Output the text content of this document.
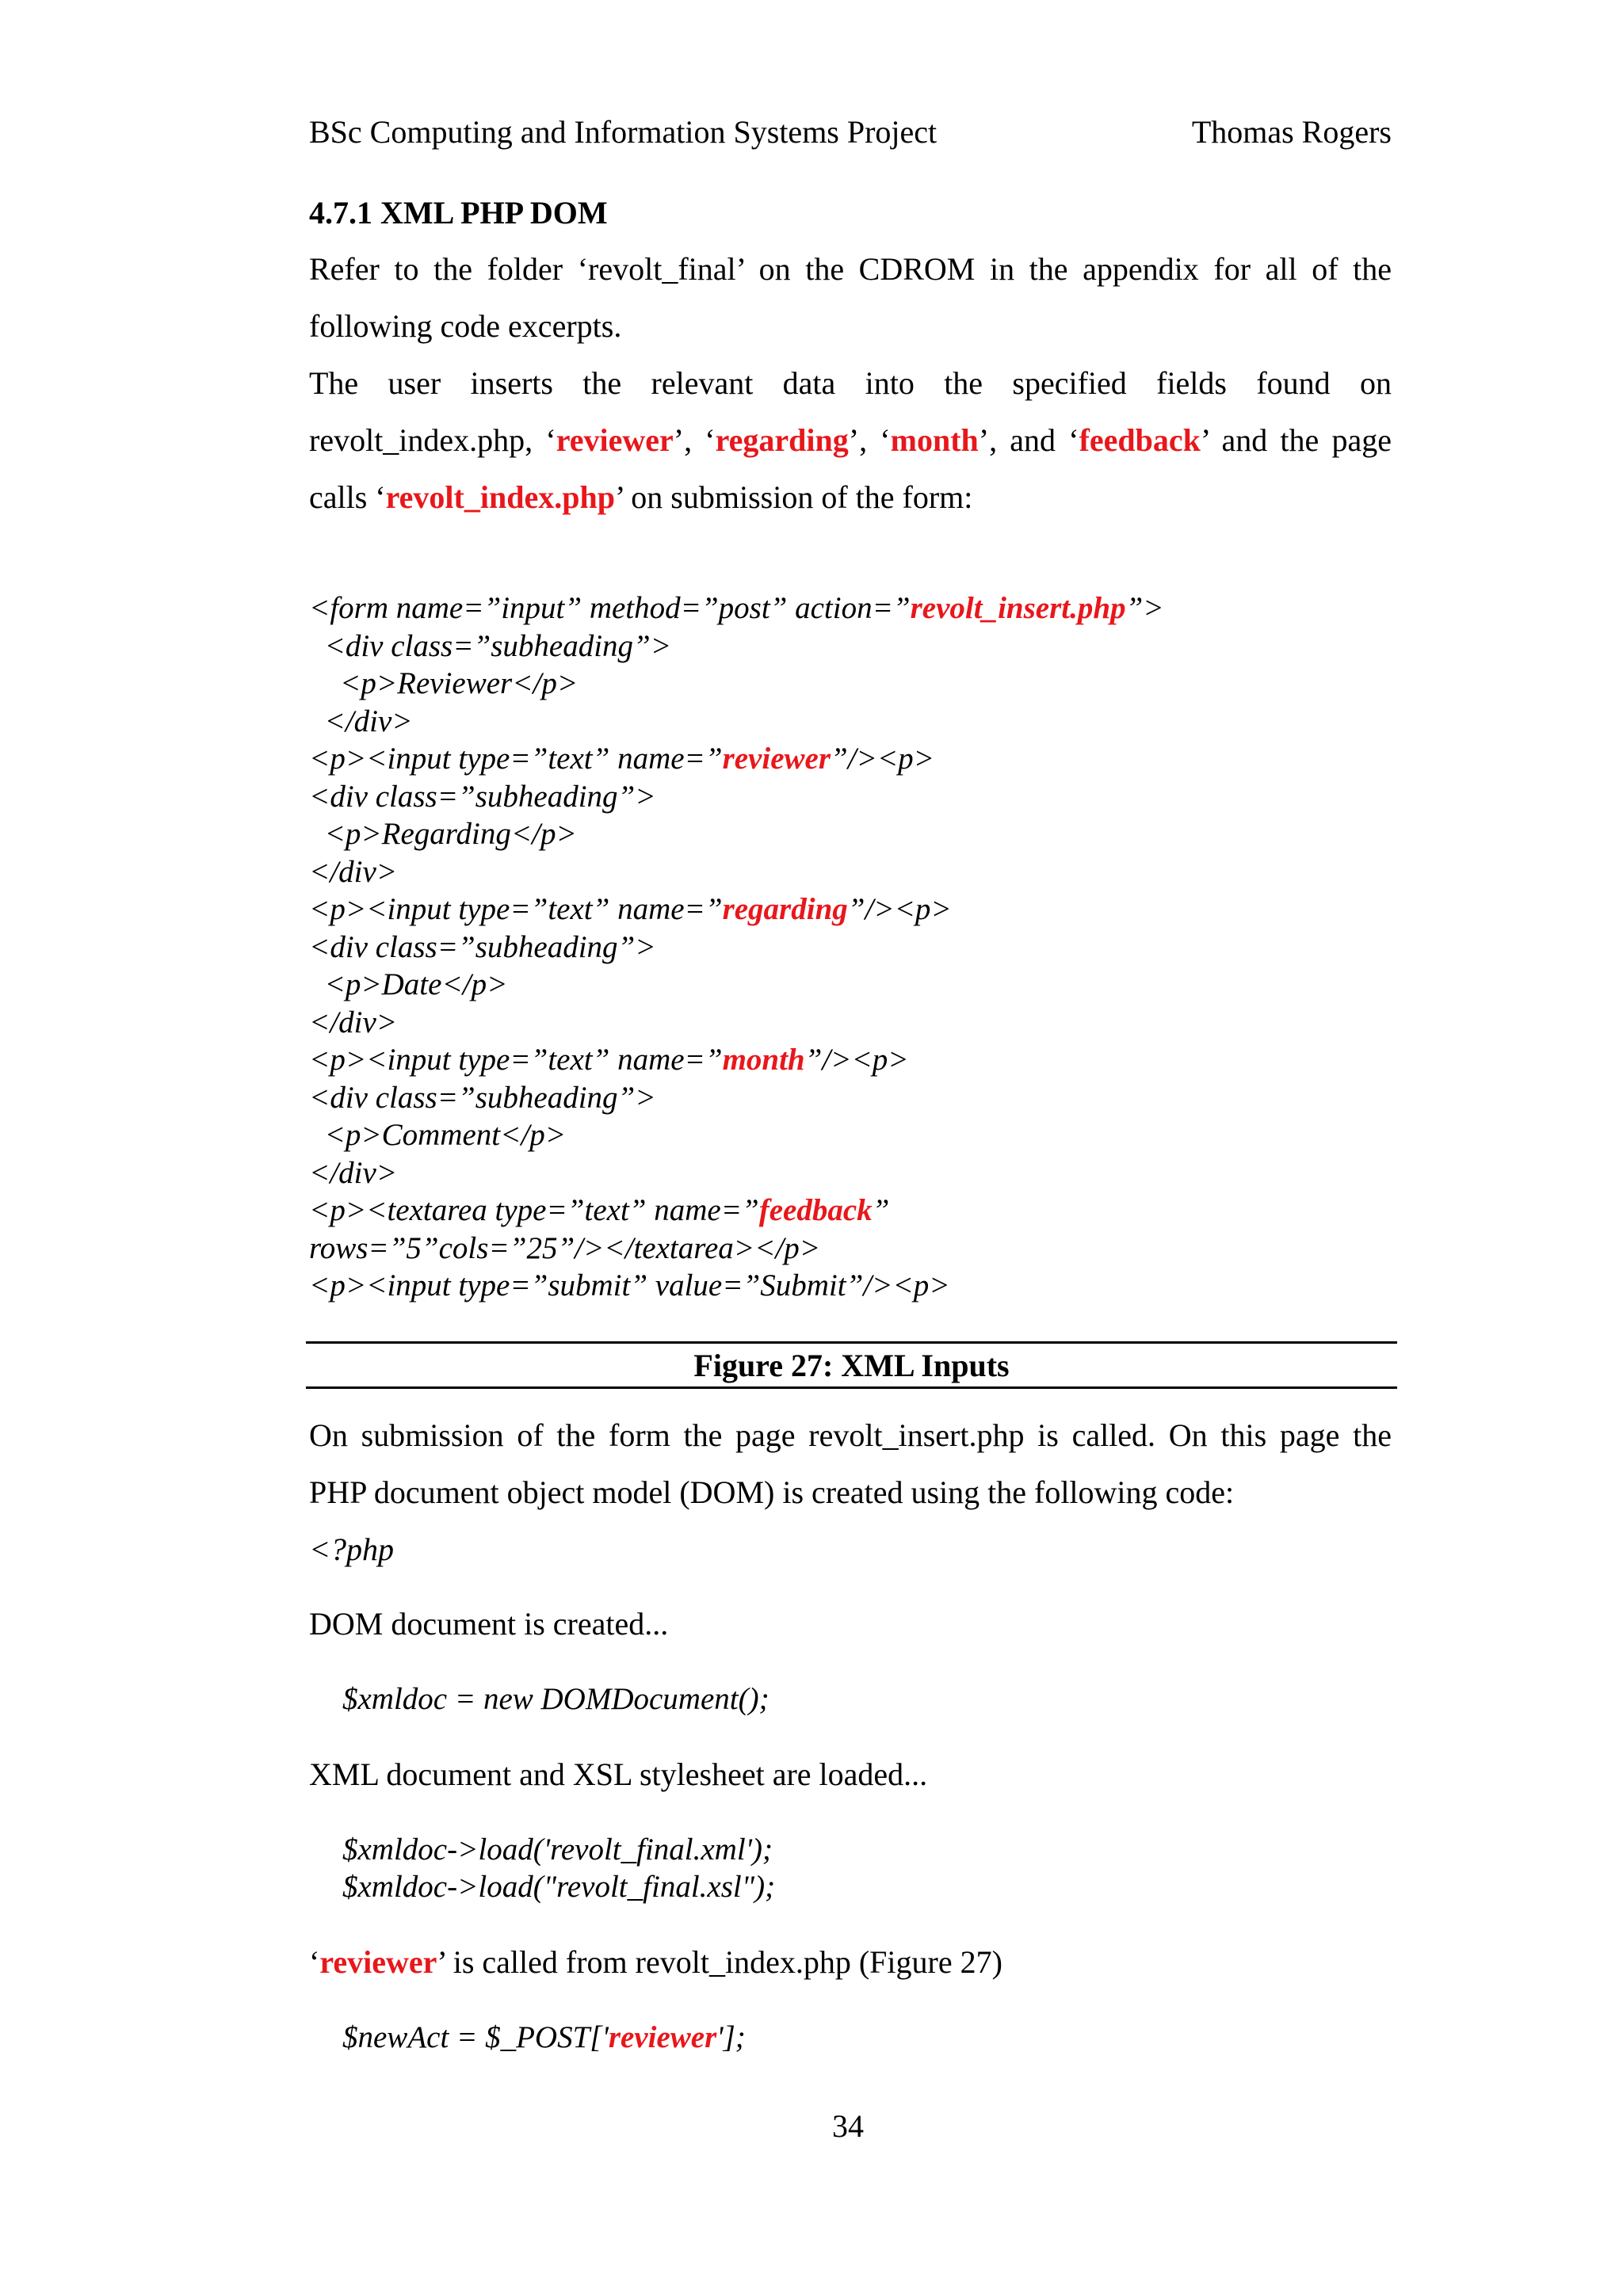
BSc Computing and Information Systems Project	Thomas Rogers
4.7.1 XML PHP DOM
Refer to the folder ‘revolt_final’ on the CDROM in the appendix for all of the
following code excerpts.
The user inserts the relevant data into the specified fields found on
revolt_index.php, ‘reviewer’, ‘regarding’, ‘month’, and ‘feedback’ and the page
calls ‘revolt_index.php’ on submission of the form:
<form name=”input” method=”post” action=”revolt_insert.php”>
<div class=”subheading”>
<p>Reviewer</p>
</div>
<p><input type=”text” name=”reviewer”/><p>
<div class=”subheading”>
<p>Regarding</p>
</div>
<p><input type=”text” name=”regarding”/><p>
<div class=”subheading”>
<p>Date</p>
</div>
<p><input type=”text” name=”month”/><p>
<div class=”subheading”>
<p>Comment</p>
</div>
<p><textarea type=”text” name=”feedback”
rows=”5”cols=”25”/></textarea></p>
<p><input type=”submit” value=”Submit”/><p>
Figure 27: XML Inputs
On submission of the form the page revolt_insert.php is called. On this page the
PHP document object model (DOM) is created using the following code:
<?php
DOM document is created...
$xmldoc = new DOMDocument();
XML document and XSL stylesheet are loaded...
$xmldoc->load('revolt_final.xml');
$xmldoc->load("revolt_final.xsl");
‘reviewer’ is called from revolt_index.php (Figure 27)
$newAct = $_POST['reviewer'];
34
